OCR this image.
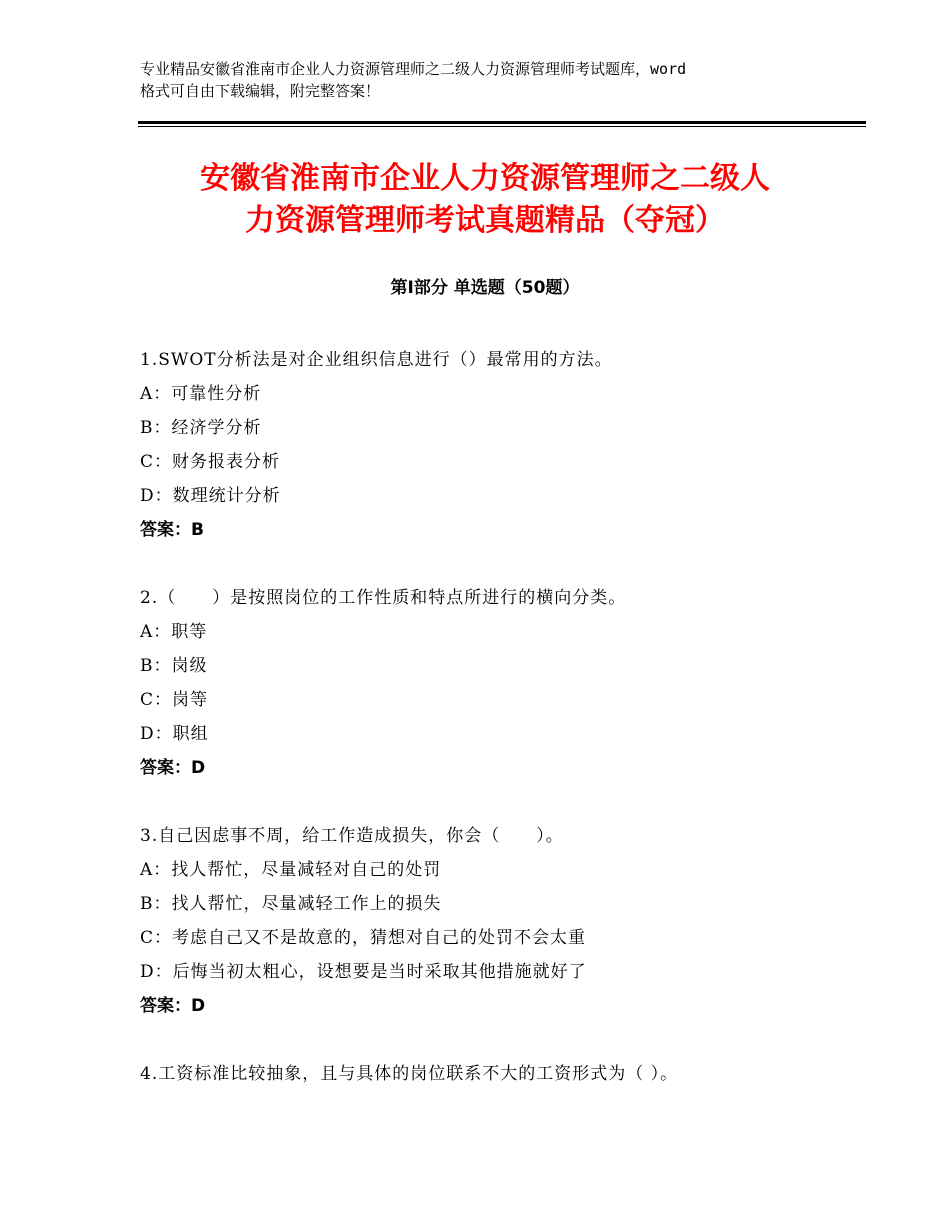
专业精品安徽省淮南市企业人力资源管理师之二级人力资源管理师考试题库，word
格式可自由下载编辑，附完整答案！
安徽省淮南市企业人力资源管理师之二级人
力资源管理师考试真题精品（夺冠）
第Ⅰ部分 单选题（50题）
1.SWOT分析法是对企业组织信息进行（）最常用的方法。
A：可靠性分析
B：经济学分析
C：财务报表分析
D：数理统计分析
答案：B
2.（　　）是按照岗位的工作性质和特点所进行的横向分类。
A：职等
B：岗级
C：岗等
D：职组
答案：D
3.自己因虑事不周，给工作造成损失，你会（　　）。
A：找人帮忙，尽量减轻对自己的处罚
B：找人帮忙，尽量减轻工作上的损失
C：考虑自己又不是故意的，猜想对自己的处罚不会太重
D：后悔当初太粗心，设想要是当时采取其他措施就好了
答案：D
4.工资标准比较抽象，且与具体的岗位联系不大的工资形式为（ ）。
